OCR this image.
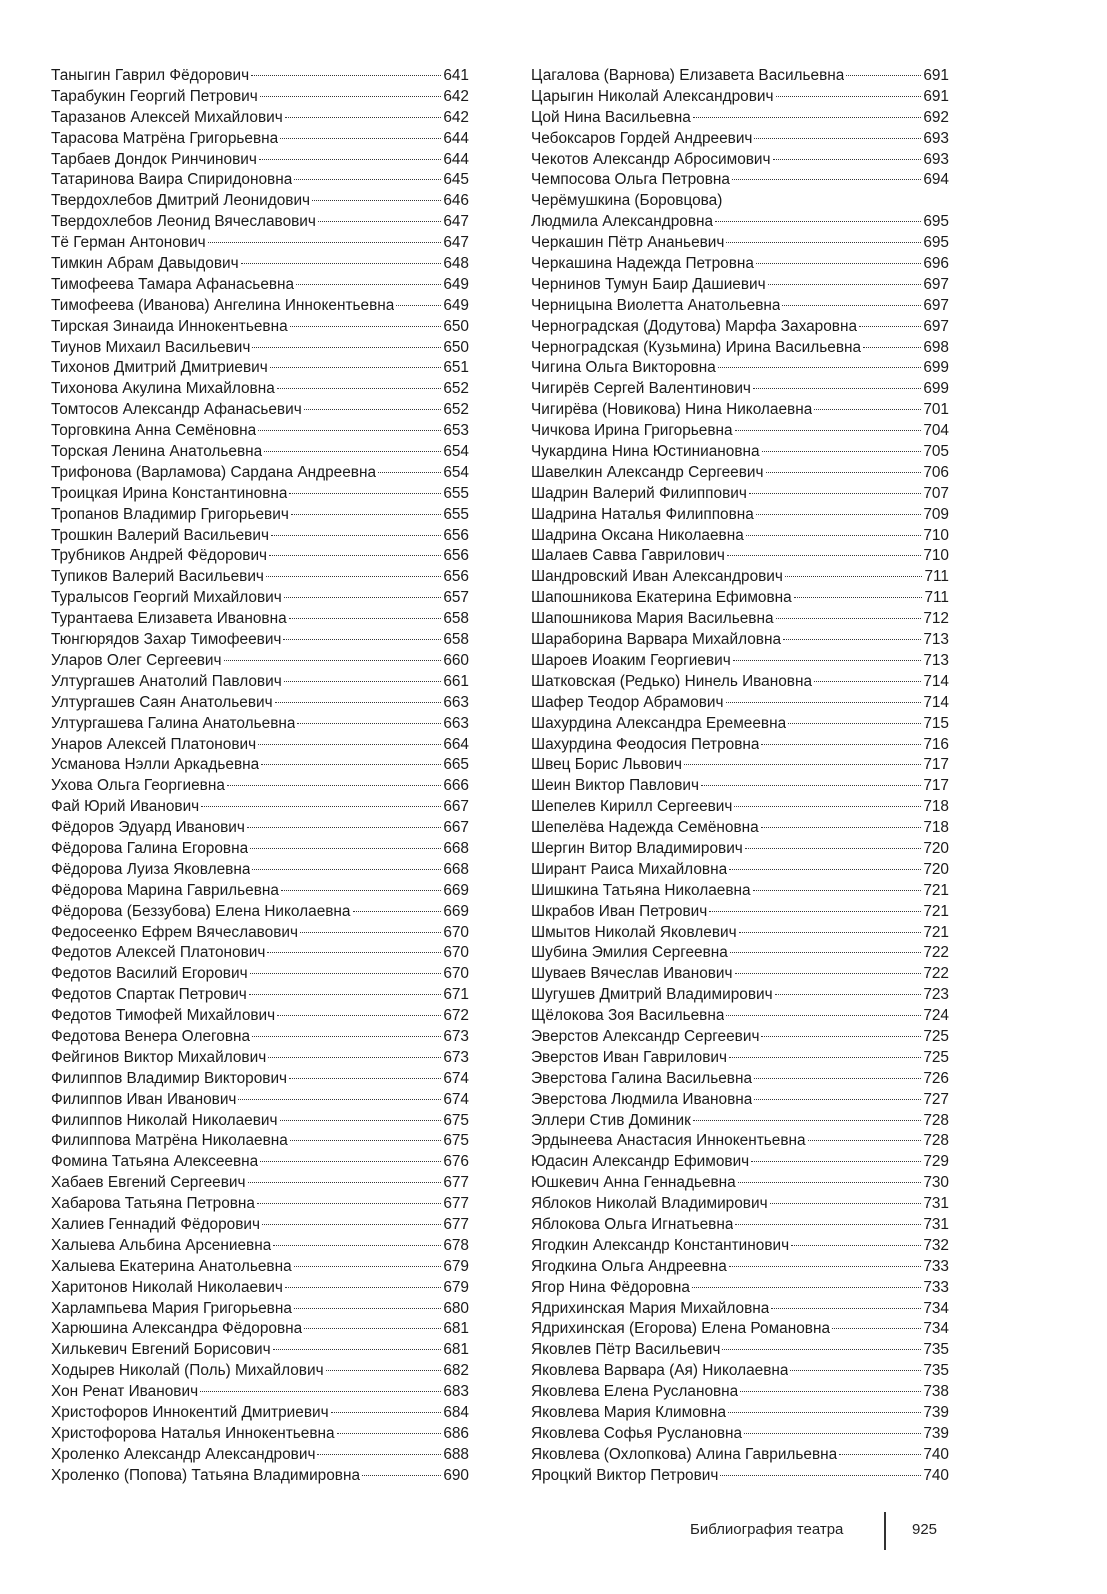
Таныгин Гаврил Фёдорович	641
Тарабукин Георгий Петрович	642
Таразанов Алексей Михайлович	642
Тарасова Матрёна Григорьевна	644
Тарбаев Дондок Ринчинович	644
Татаринова Ваира Спиридоновна	645
Твердохлебов Дмитрий Леонидович	646
Твердохлебов Леонид Вячеславович	647
Тё Герман Антонович	647
Тимкин Абрам Давыдович	648
Тимофеева Тамара Афанасьевна	649
Тимофеева (Иванова) Ангелина Иннокентьевна	649
Тирская Зинаида Иннокентьевна	650
Тиунов Михаил Васильевич	650
Тихонов Дмитрий Дмитриевич	651
Тихонова Акулина Михайловна	652
Томтосов Александр Афанасьевич	652
Торговкина Анна Семёновна	653
Торская Ленина Анатольевна	654
Трифонова (Варламова) Сардана Андреевна	654
Троицкая Ирина Константиновна	655
Тропанов Владимир Григорьевич	655
Трошкин Валерий Васильевич	656
Трубников Андрей Фёдорович	656
Тупиков Валерий Васильевич	656
Туралысов Георгий Михайлович	657
Турантаева Елизавета Ивановна	658
Тюнгюрядов Захар Тимофеевич	658
Уларов Олег Сергеевич	660
Ултургашев Анатолий Павлович	661
Ултургашев Саян Анатольевич	663
Ултургашева Галина Анатольевна	663
Унаров Алексей Платонович	664
Усманова Нэлли Аркадьевна	665
Ухова Ольга Георгиевна	666
Фай Юрий Иванович	667
Фёдоров Эдуард Иванович	667
Фёдорова Галина Егоровна	668
Фёдорова Луиза Яковлевна	668
Фёдорова Марина Гаврильевна	669
Фёдорова (Беззубова) Елена Николаевна	669
Федосеенко Ефрем Вячеславович	670
Федотов Алексей Платонович	670
Федотов Василий Егорович	670
Федотов Спартак Петрович	671
Федотов Тимофей Михайлович	672
Федотова Венера Олеговна	673
Фейгинов Виктор Михайлович	673
Филиппов Владимир Викторович	674
Филиппов Иван Иванович	674
Филиппов Николай Николаевич	675
Филиппова Матрёна Николаевна	675
Фомина Татьяна Алексеевна	676
Хабаев Евгений Сергеевич	677
Хабарова Татьяна Петровна	677
Халиев Геннадий Фёдорович	677
Халыева Альбина Арсениевна	678
Халыева Екатерина Анатольевна	679
Харитонов Николай Николаевич	679
Харлампьева Мария Григорьевна	680
Харюшина Александра Фёдоровна	681
Хилькевич Евгений Борисович	681
Ходырев Николай (Поль) Михайлович	682
Хон Ренат Иванович	683
Христофоров Иннокентий Дмитриевич	684
Христофорова Наталья Иннокентьевна	686
Хроленко Александр Александрович	688
Хроленко (Попова) Татьяна Владимировна	690
Цагалова (Варнова) Елизавета Васильевна	691
Царыгин Николай Александрович	691
Цой Нина Васильевна	692
Чебоксаров Гордей Андреевич	693
Чекотов Александр Абросимович	693
Чемпосова Ольга Петровна	694
Черёмушкина (Боровцова)
Людмила Александровна	695
Черкашин Пётр Ананьевич	695
Черкашина Надежда Петровна	696
Чернинов Тумун Баир Дашиевич	697
Черницына Виолетта Анатольевна	697
Черноградская (Додутова) Марфа Захаровна	697
Черноградская (Кузьмина) Ирина Васильевна	698
Чигина Ольга Викторовна	699
Чигирёв Сергей Валентинович	699
Чигирёва (Новикова) Нина Николаевна	701
Чичкова Ирина Григорьевна	704
Чукардина Нина Юстиниановна	705
Шавелкин Александр Сергеевич	706
Шадрин Валерий Филиппович	707
Шадрина Наталья Филипповна	709
Шадрина Оксана Николаевна	710
Шалаев Савва Гаврилович	710
Шандровский Иван Александрович	711
Шапошникова Екатерина Ефимовна	711
Шапошникова Мария Васильевна	712
Шараборина Варвара Михайловна	713
Шароев Иоаким Георгиевич	713
Шатковская (Редько) Нинель Ивановна	714
Шафер Теодор Абрамович	714
Шахурдина Александра Еремеевна	715
Шахурдина Феодосия Петровна	716
Швец Борис Львович	717
Шеин Виктор Павлович	717
Шепелев Кирилл Сергеевич	718
Шепелёва Надежда Семёновна	718
Шергин Витор Владимирович	720
Ширант Раиса Михайловна	720
Шишкина Татьяна Николаевна	721
Шкрабов Иван Петрович	721
Шмытов Николай Яковлевич	721
Шубина Эмилия Сергеевна	722
Шуваев Вячеслав Иванович	722
Шугушев Дмитрий Владимирович	723
Щёлокова Зоя Васильевна	724
Эверстов Александр Сергеевич	725
Эверстов Иван Гаврилович	725
Эверстова Галина Васильевна	726
Эверстова Людмила Ивановна	727
Эллери Стив Доминик	728
Эрдынеева Анастасия Иннокентьевна	728
Юдасин Александр Ефимович	729
Юшкевич Анна Геннадьевна	730
Яблоков Николай Владимирович	731
Яблокова Ольга Игнатьевна	731
Ягодкин Александр Константинович	732
Ягодкина Ольга Андреевна	733
Ягор Нина Фёдоровна	733
Ядрихинская Мария Михайловна	734
Ядрихинская (Егорова) Елена Романовна	734
Яковлев Пётр Васильевич	735
Яковлева Варвара (Ая) Николаевна	735
Яковлева Елена Руслановна	738
Яковлева Мария Климовна	739
Яковлева Софья Руслановна	739
Яковлева (Охлопкова) Алина Гаврильевна	740
Яроцкий Виктор Петрович	740
Библиография театра	925
